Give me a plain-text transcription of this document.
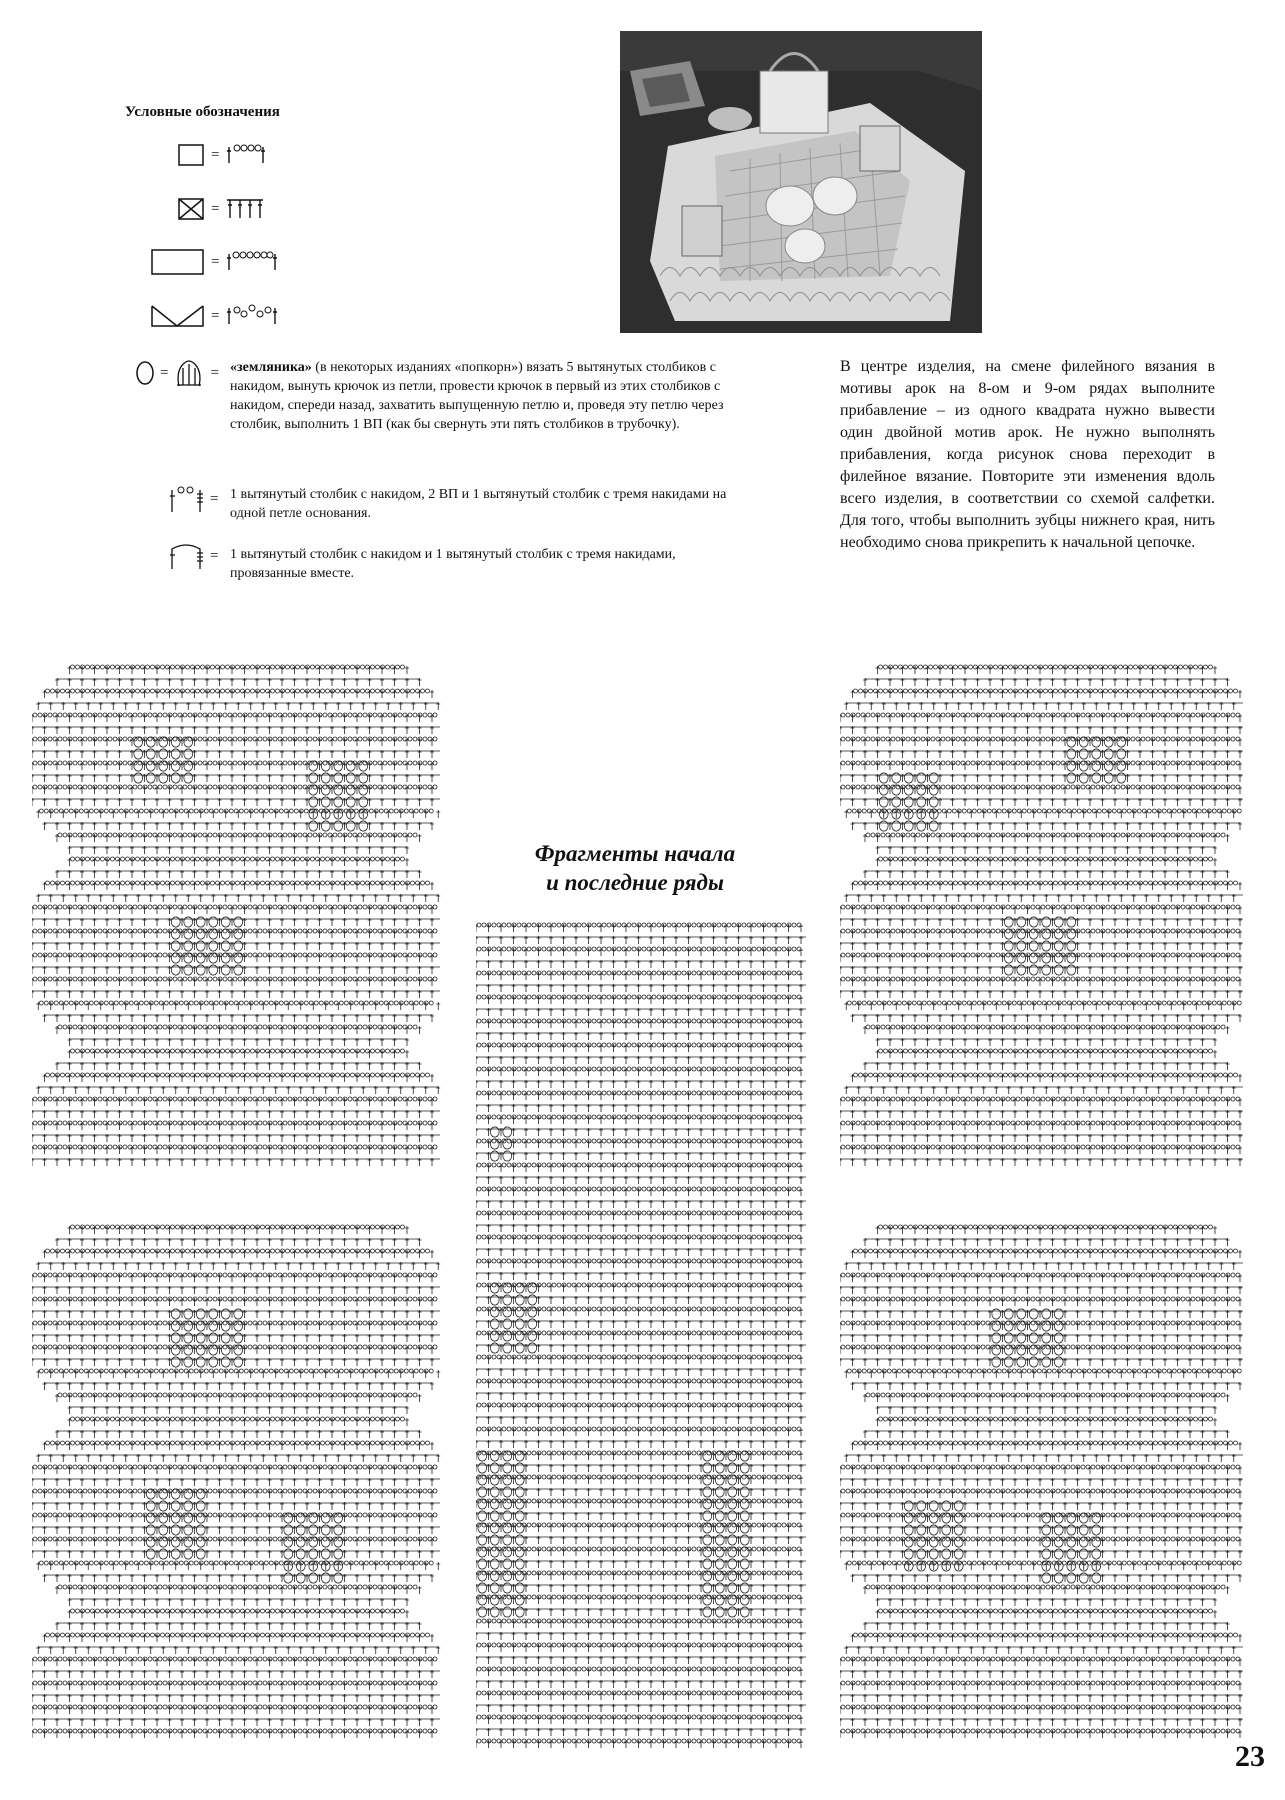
Условные обозначения
=
=
=
=
=	= «земляника» (в некоторых изданиях «попкорн») вязать 5 вытянутых столбиков с накидом, вынуть крючок из петли, провести крючок в первый из этих столбиков с накидом, спереди назад, захватить выпущенную петлю и, проведя эту петлю через столбик, выполнить 1 ВП (как бы свернуть эти пять столбиков в трубочку).
= 1 вытянутый столбик с накидом, 2 ВП и 1 вытянутый столбик с тремя накидами на одной петле основания.
= 1 вытянутый столбик с накидом и 1 вытянутый столбик с тремя накидами, провязанные вместе.
В центре изделия, на смене филейного вязания в мотивы арок на 8-ом и 9-ом рядах выполните прибавление – из одного квадрата нужно вывести один двойной мотив арок. Не нужно выполнять прибавления, когда рисунок снова переходит в филейное вязание. Повторите эти изменения вдоль всего изделия, в соответствии со схемой салфетки. Для того, чтобы выполнить зубцы нижнего края, нить необходимо снова прикрепить к начальной цепочке.
Фрагменты начала
и последние ряды
23
